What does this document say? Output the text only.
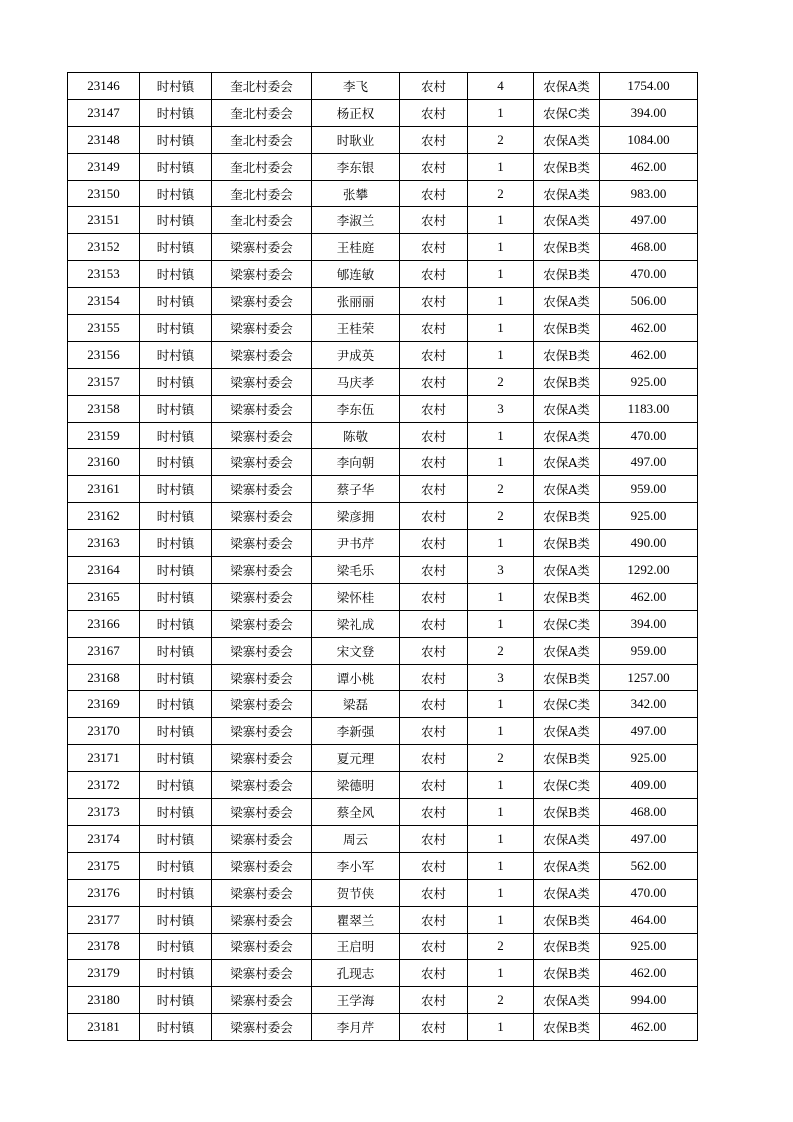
23146	时村镇	奎北村委会	李飞	农村	4	农保A类	1754.00
23147	时村镇	奎北村委会	杨正权	农村	1	农保C类	394.00
23148	时村镇	奎北村委会	时耿业	农村	2	农保A类	1084.00
23149	时村镇	奎北村委会	李东银	农村	1	农保B类	462.00
23150	时村镇	奎北村委会	张攀	农村	2	农保A类	983.00
23151	时村镇	奎北村委会	李淑兰	农村	1	农保A类	497.00
23152	时村镇	梁寨村委会	王桂庭	农村	1	农保B类	468.00
23153	时村镇	梁寨村委会	郇连敏	农村	1	农保B类	470.00
23154	时村镇	梁寨村委会	张丽丽	农村	1	农保A类	506.00
23155	时村镇	梁寨村委会	王桂荣	农村	1	农保B类	462.00
23156	时村镇	梁寨村委会	尹成英	农村	1	农保B类	462.00
23157	时村镇	梁寨村委会	马庆孝	农村	2	农保B类	925.00
23158	时村镇	梁寨村委会	李东伍	农村	3	农保A类	1183.00
23159	时村镇	梁寨村委会	陈敬	农村	1	农保A类	470.00
23160	时村镇	梁寨村委会	李向朝	农村	1	农保A类	497.00
23161	时村镇	梁寨村委会	蔡子华	农村	2	农保A类	959.00
23162	时村镇	梁寨村委会	梁彦拥	农村	2	农保B类	925.00
23163	时村镇	梁寨村委会	尹书芹	农村	1	农保B类	490.00
23164	时村镇	梁寨村委会	梁毛乐	农村	3	农保A类	1292.00
23165	时村镇	梁寨村委会	梁怀桂	农村	1	农保B类	462.00
23166	时村镇	梁寨村委会	梁礼成	农村	1	农保C类	394.00
23167	时村镇	梁寨村委会	宋文登	农村	2	农保A类	959.00
23168	时村镇	梁寨村委会	谭小桃	农村	3	农保B类	1257.00
23169	时村镇	梁寨村委会	梁磊	农村	1	农保C类	342.00
23170	时村镇	梁寨村委会	李新强	农村	1	农保A类	497.00
23171	时村镇	梁寨村委会	夏元理	农村	2	农保B类	925.00
23172	时村镇	梁寨村委会	梁德明	农村	1	农保C类	409.00
23173	时村镇	梁寨村委会	蔡全风	农村	1	农保B类	468.00
23174	时村镇	梁寨村委会	周云	农村	1	农保A类	497.00
23175	时村镇	梁寨村委会	李小军	农村	1	农保A类	562.00
23176	时村镇	梁寨村委会	贺节侠	农村	1	农保A类	470.00
23177	时村镇	梁寨村委会	瞿翠兰	农村	1	农保B类	464.00
23178	时村镇	梁寨村委会	王启明	农村	2	农保B类	925.00
23179	时村镇	梁寨村委会	孔现志	农村	1	农保B类	462.00
23180	时村镇	梁寨村委会	王学海	农村	2	农保A类	994.00
23181	时村镇	梁寨村委会	李月芹	农村	1	农保B类	462.00
